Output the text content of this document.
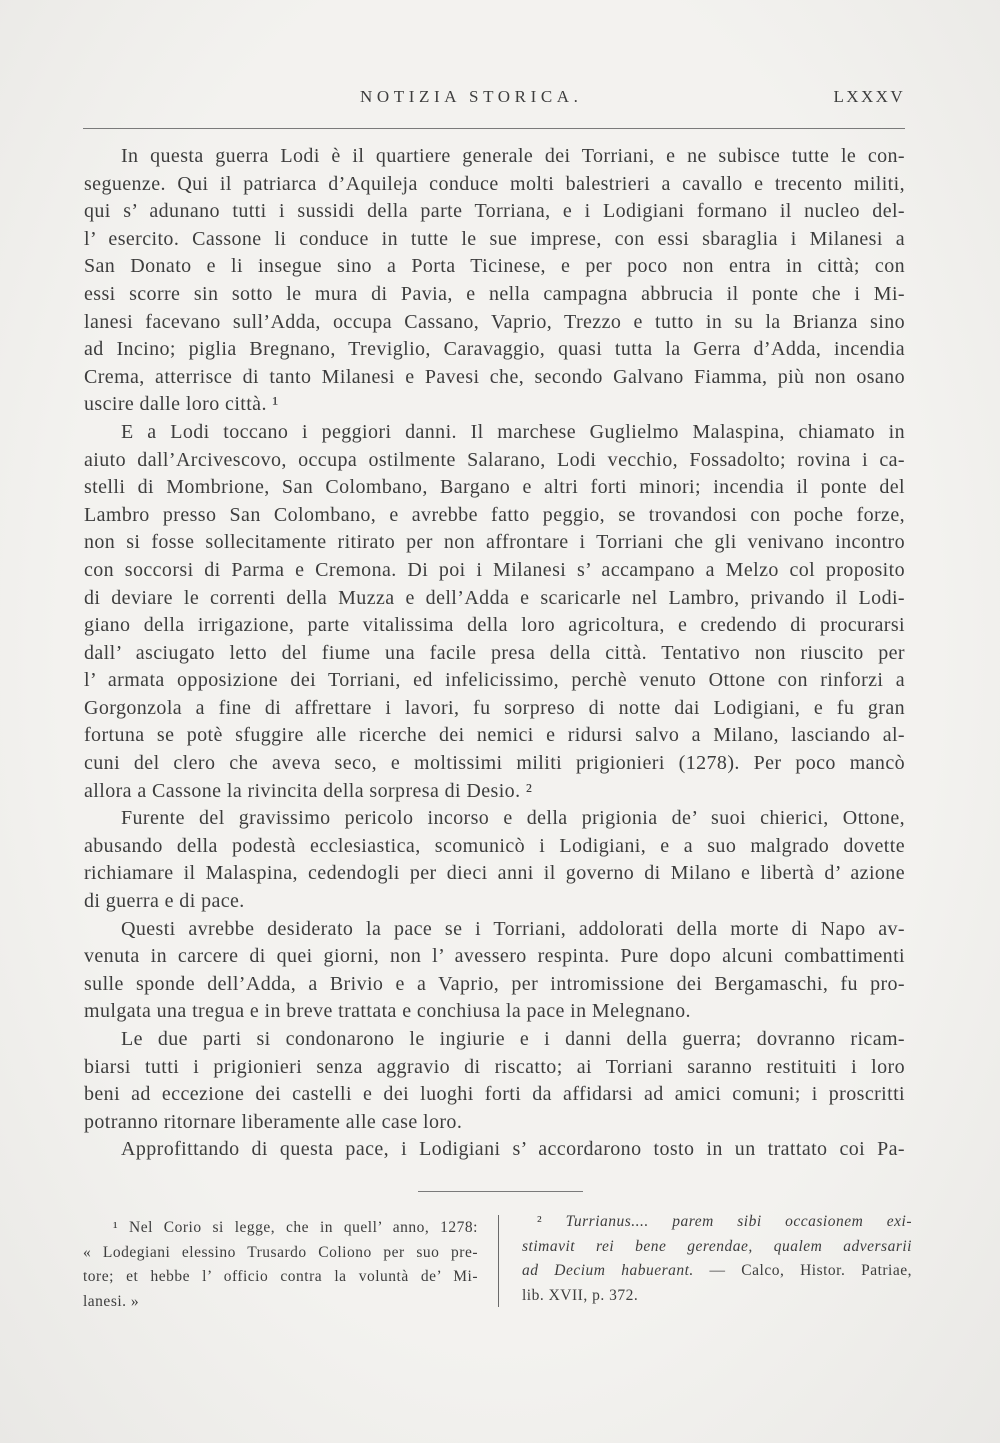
NOTIZIA STORICA.	LXXXV
In questa guerra Lodi è il quartiere generale dei Torriani, e ne subisce tutte le con-
seguenze. Qui il patriarca d’Aquileja conduce molti balestrieri a cavallo e trecento militi,
qui s’ adunano tutti i sussidi della parte Torriana, e i Lodigiani formano il nucleo del-
l’ esercito. Cassone li conduce in tutte le sue imprese, con essi sbaraglia i Milanesi a
San Donato e li insegue sino a Porta Ticinese, e per poco non entra in città; con
essi scorre sin sotto le mura di Pavia, e nella campagna abbrucia il ponte che i Mi-
lanesi facevano sull’Adda, occupa Cassano, Vaprio, Trezzo e tutto in su la Brianza sino
ad Incino; piglia Bregnano, Treviglio, Caravaggio, quasi tutta la Gerra d’Adda, incendia
Crema, atterrisce di tanto Milanesi e Pavesi che, secondo Galvano Fiamma, più non osano
uscire dalle loro città. ¹
E a Lodi toccano i peggiori danni. Il marchese Guglielmo Malaspina, chiamato in
aiuto dall’Arcivescovo, occupa ostilmente Salarano, Lodi vecchio, Fossadolto; rovina i ca-
stelli di Mombrione, San Colombano, Bargano e altri forti minori; incendia il ponte del
Lambro presso San Colombano, e avrebbe fatto peggio, se trovandosi con poche forze,
non si fosse sollecitamente ritirato per non affrontare i Torriani che gli venivano incontro
con soccorsi di Parma e Cremona. Di poi i Milanesi s’ accampano a Melzo col proposito
di deviare le correnti della Muzza e dell’Adda e scaricarle nel Lambro, privando il Lodi-
giano della irrigazione, parte vitalissima della loro agricoltura, e credendo di procurarsi
dall’ asciugato letto del fiume una facile presa della città. Tentativo non riuscito per
l’ armata opposizione dei Torriani, ed infelicissimo, perchè venuto Ottone con rinforzi a
Gorgonzola a fine di affrettare i lavori, fu sorpreso di notte dai Lodigiani, e fu gran
fortuna se potè sfuggire alle ricerche dei nemici e ridursi salvo a Milano, lasciando al-
cuni del clero che aveva seco, e moltissimi militi prigionieri (1278). Per poco mancò
allora a Cassone la rivincita della sorpresa di Desio. ²
Furente del gravissimo pericolo incorso e della prigionia de’ suoi chierici, Ottone,
abusando della podestà ecclesiastica, scomunicò i Lodigiani, e a suo malgrado dovette
richiamare il Malaspina, cedendogli per dieci anni il governo di Milano e libertà d’ azione
di guerra e di pace.
Questi avrebbe desiderato la pace se i Torriani, addolorati della morte di Napo av-
venuta in carcere di quei giorni, non l’ avessero respinta. Pure dopo alcuni combattimenti
sulle sponde dell’Adda, a Brivio e a Vaprio, per intromissione dei Bergamaschi, fu pro-
mulgata una tregua e in breve trattata e conchiusa la pace in Melegnano.
Le due parti si condonarono le ingiurie e i danni della guerra; dovranno ricam-
biarsi tutti i prigionieri senza aggravio di riscatto; ai Torriani saranno restituiti i loro
beni ad eccezione dei castelli e dei luoghi forti da affidarsi ad amici comuni; i proscritti
potranno ritornare liberamente alle case loro.
Approfittando di questa pace, i Lodigiani s’ accordarono tosto in un trattato coi Pa-
¹ Nel Corio si legge, che in quell’ anno, 1278:
« Lodegiani elessino Trusardo Coliono per suo pre-
tore; et hebbe l’ officio contra la voluntà de’ Mi-
lanesi. »
² Turrianus.... parem sibi occasionem exi-
stimavit rei bene gerendae, qualem adversarii
ad Decium habuerant. — Calco, Histor. Patriae,
lib. XVII, p. 372.
